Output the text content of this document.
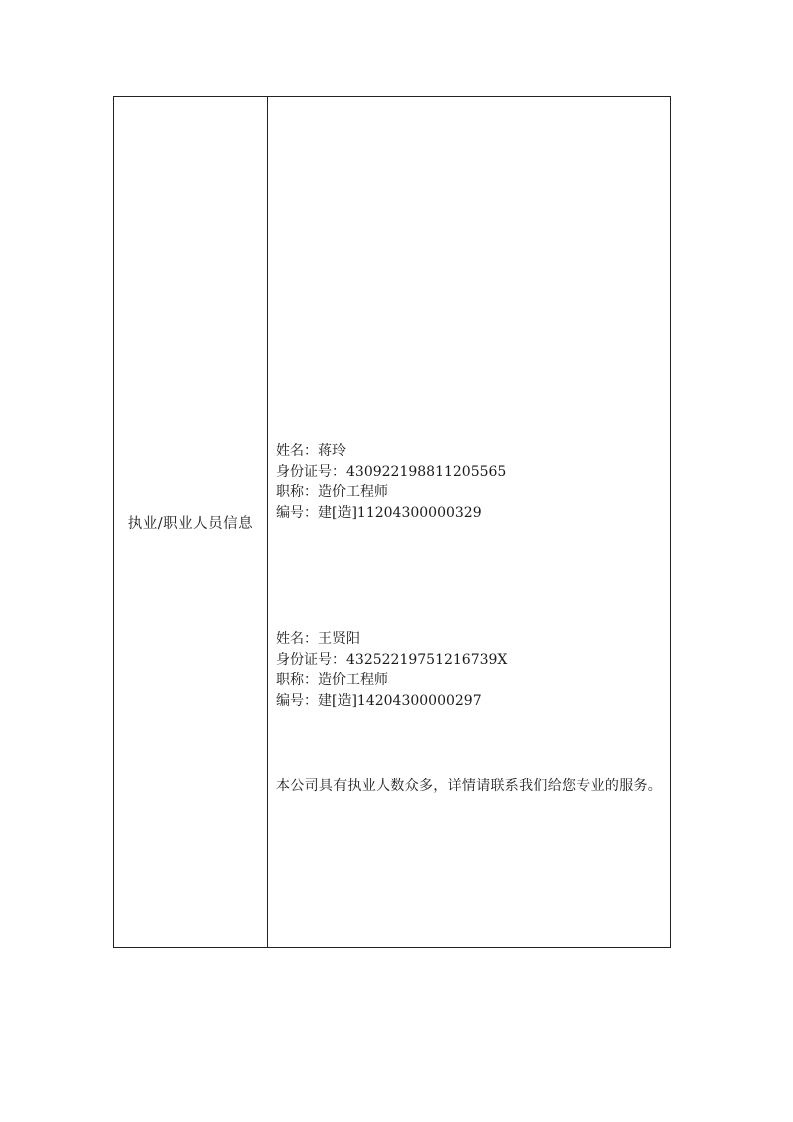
执业/职业人员信息
姓名：蒋玲
身份证号：430922198811205565
职称：造价工程师
编号：建[造]11204300000329
姓名：王贤阳
身份证号：43252219751216739X
职称：造价工程师
编号：建[造]14204300000297
本公司具有执业人数众多，详情请联系我们给您专业的服务。
